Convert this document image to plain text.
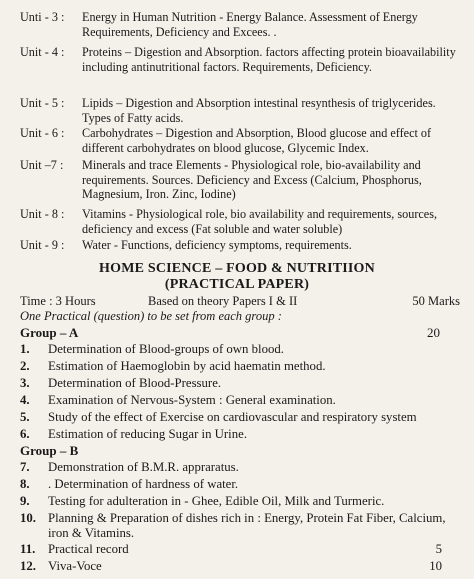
Unti - 3 :	Energy in Human Nutrition - Energy Balance. Assessment of Energy Requirements, Deficiency and Excees. .
Unit - 4 :	Proteins – Digestion and Absorption. factors affecting protein bioavailability including antinutritional factors. Requirements, Deficiency.
Unit - 5 :	Lipids – Digestion and Absorption intestinal resynthesis of triglycerides. Types of Fatty acids.
Unit - 6 :	Carbohydrates – Digestion and Absorption, Blood glucose and effect of different carbohydrates on blood glucose, Glycemic Index.
Unit –7 :	Minerals and trace Elements - Physiological role, bio-availability and requirements. Sources. Deficiency and Excess (Calcium, Phosphorus, Magnesium, Iron. Zinc, Iodine)
Unit - 8 :	Vitamins - Physiological role, bio availability and requirements, sources, deficiency and excess (Fat soluble and water soluble)
Unit - 9 :	Water - Functions, deficiency symptoms, requirements.
HOME SCIENCE – FOOD & NUTRITIION
(PRACTICAL PAPER)
Time : 3 Hours	Based on theory Papers I & II	50 Marks
One Practical (question) to be set from each group :
Group – A	20
1.	Determination of Blood-groups of own blood.
2.	Estimation of Haemoglobin by acid haematin method.
3.	Determination of Blood-Pressure.
4.	Examination of Nervous-System : General examination.
5.	Study of the effect of Exercise on cardiovascular and respiratory system
6.	Estimation of reducing Sugar in Urine.
Group – B
7.	Demonstration of B.M.R. appraratus.
8.	. Determination of hardness of water.
9.	Testing for adulteration in - Ghee, Edible Oil, Milk and Turmeric.
10. Planning & Preparation of dishes rich in : Energy, Protein Fat Fiber, Calcium, iron & Vitamins.
11. Practical record	5
12. Viva-Voce	10
